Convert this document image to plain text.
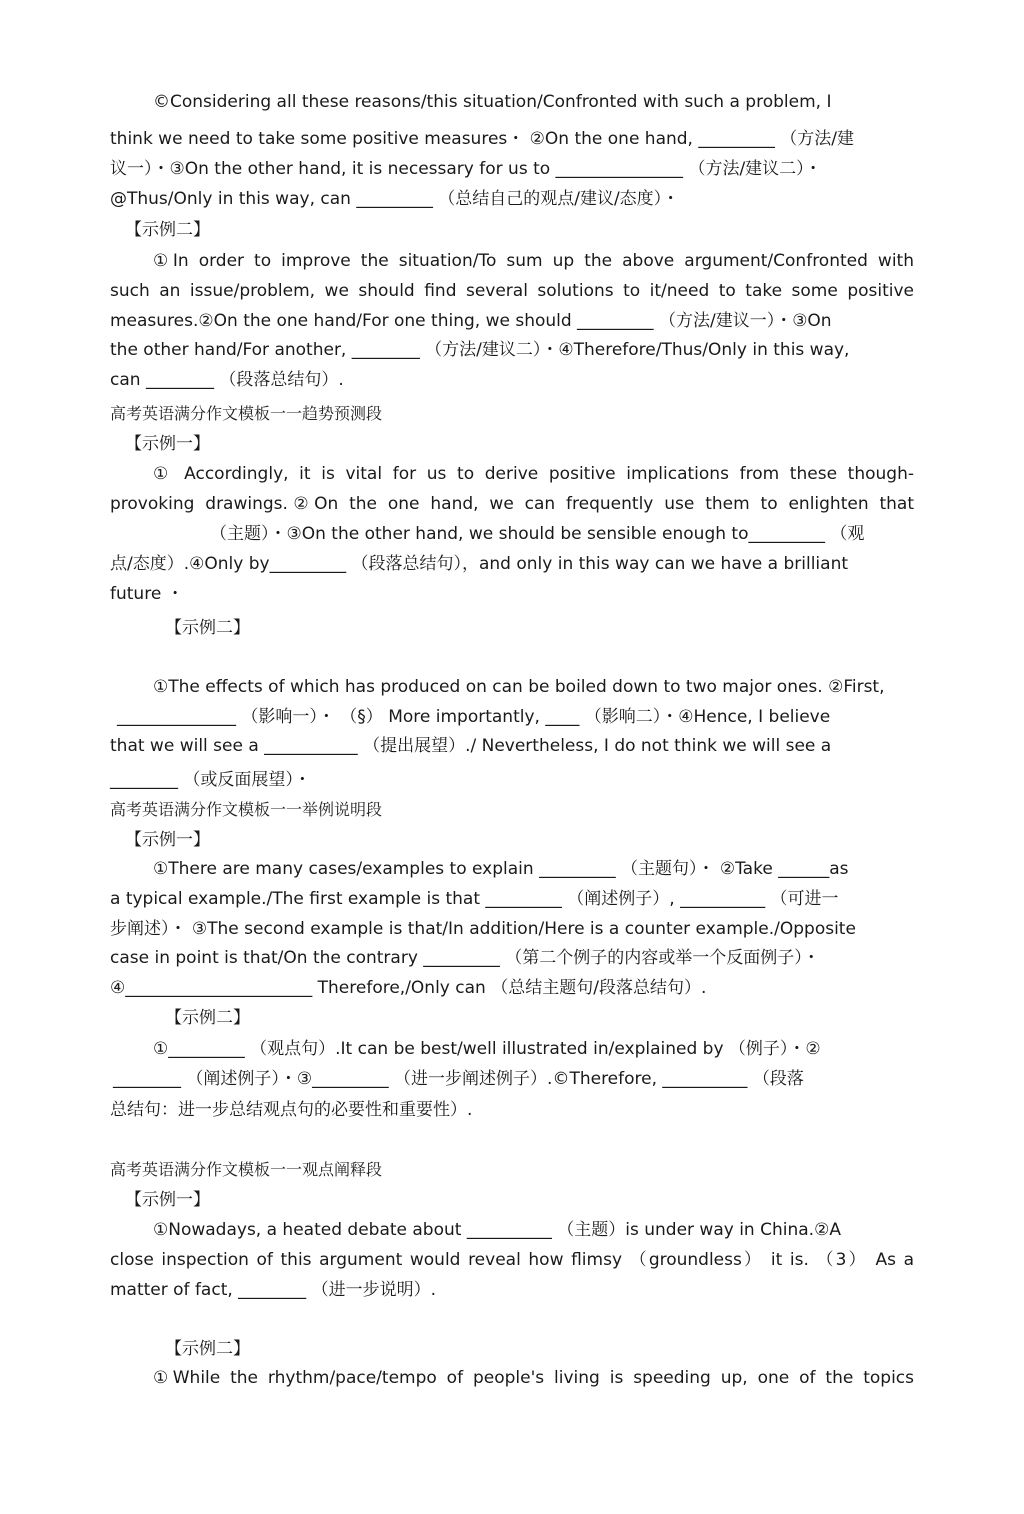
©Considering all these reasons/this situation/Confronted with such a problem, I
think we need to take some positive measures・ ②On the one hand, _________ （方法/建
议一）・③On the other hand, it is necessary for us to _______________ （方法/建议二）・
@Thus/Only in this way, can _________ （总结自己的观点/建议/态度）・
【示例二】
①In order to improve the situation/To sum up the above argument/Confronted with
such an issue/problem, we should find several solutions to it/need to take some positive
measures.②On the one hand/For one thing, we should _________ （方法/建议一）・③On
the other hand/For another, ________ （方法/建议二）・④Therefore/Thus/Only in this way,
can ________ （段落总结句）.
高考英语满分作文模板一一趋势预测段
【示例一】
① Accordingly, it is vital for us to derive positive implications from these though-
provoking drawings.②On the one hand, we can frequently use them to enlighten that
（主题）・③On the other hand, we should be sensible enough to_________ （观
点/态度）.④Only by_________ （段落总结句），and only in this way can we have a brilliant
future ・
【示例二】
①The effects of which has produced on can be boiled down to two major ones. ②First,
______________ （影响一）・ （§） More importantly, ____ （影响二）・④Hence, I believe
that we will see a ___________ （提出展望）./ Nevertheless, I do not think we will see a
________ （或反面展望）・
高考英语满分作文模板一一举例说明段
【示例一】
①There are many cases/examples to explain _________ （主题句）・ ②Take ______as
a typical example./The first example is that _________ （阐述例子）, __________ （可进一
步阐述）・ ③The second example is that/In addition/Here is a counter example./Opposite
case in point is that/On the contrary _________ （第二个例子的内容或举一个反面例子）・
④______________________ Therefore,/Only can （总结主题句/段落总结句）.
【示例二】
①_________ （观点句）.It can be best/well illustrated in/explained by （例子）・②
________ （阐述例子）・③_________ （进一步阐述例子）.©Therefore, __________ （段落
总结句：进一步总结观点句的必要性和重要性）.
高考英语满分作文模板一一观点阐释段
【示例一】
①Nowadays, a heated debate about __________ （主题）is under way in China.②A
close inspection of this argument would reveal how flimsy （groundless） it is. （3） As a
matter of fact, ________ （进一步说明）.
【示例二】
①While the rhythm/pace/tempo of people's living is speeding up, one of the topics
